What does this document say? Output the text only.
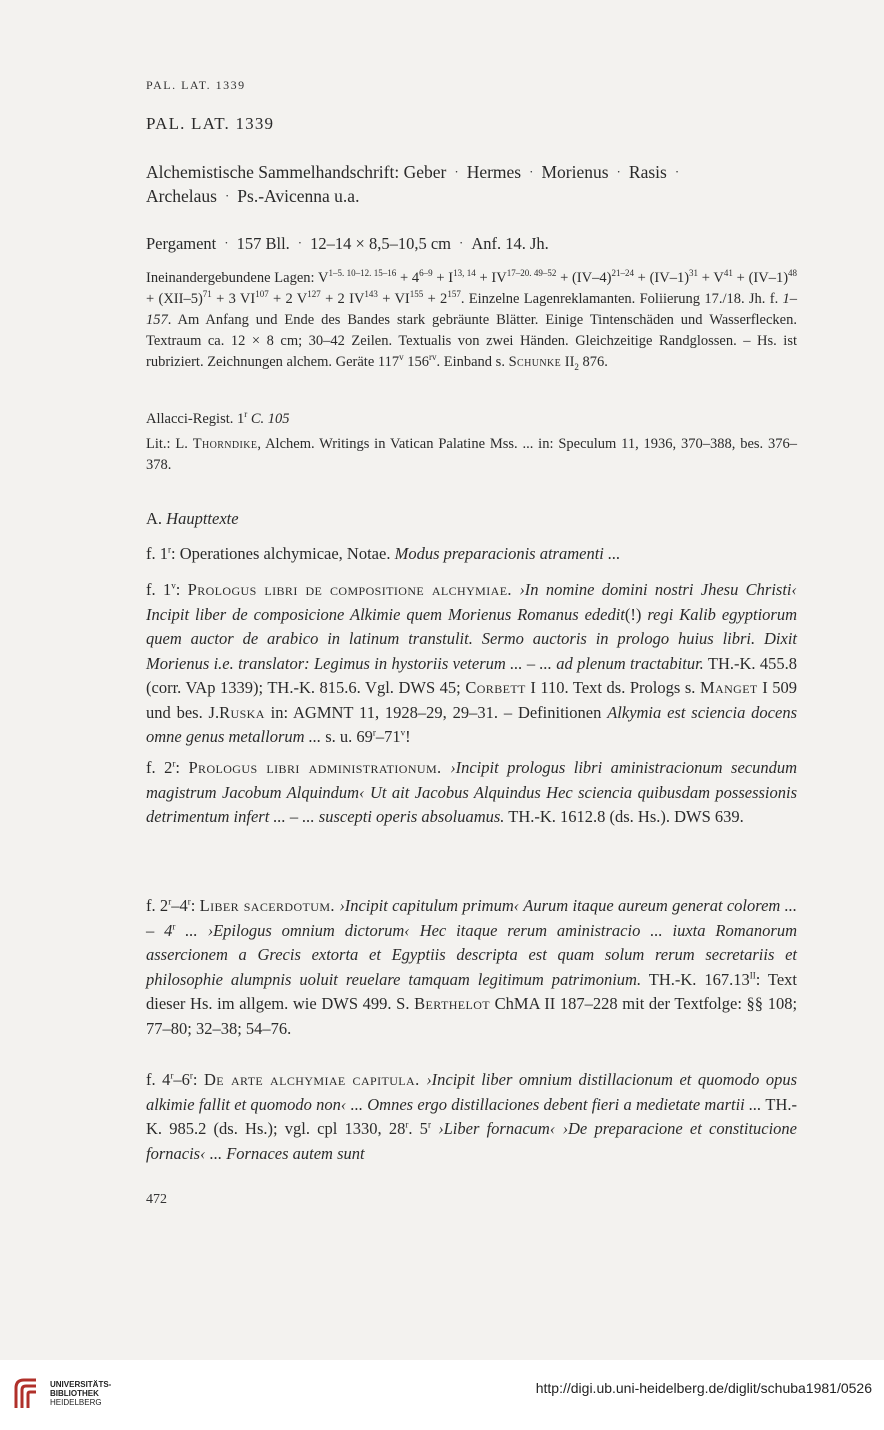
PAL. LAT. 1339
PAL. LAT. 1339
Alchemistische Sammelhandschrift: Geber · Hermes · Morienus · Rasis ·
Archelaus · Ps.-Avicenna u.a.
Pergament · 157 Bll. · 12–14 × 8,5–10,5 cm · Anf. 14. Jh.

Ineinandergebundene Lagen: $V^{1-5. 10-12. 15-16} + 4^{6-9} + I^{13, 14} + IV^{17-20. 49-52} + (IV-4)^{21-24} + (IV-1)^{31} + V^{41} + (IV-1)^{48} + (XII-5)^{71} + 3$ $VI^{107} + 2$ $V^{127} + 2$ $IV^{143} + VI^{155} + 2^{157}$. Einzelne Lagenreklamanten. Foliierung 17./18. Jh. f. 1–157. Am Anfang und Ende des Bandes stark gebräunte Blätter. Einige Tintenschäden und Wasserflecken. Textraum ca. 12 × 8 cm; 30–42 Zeilen. Textualis von zwei Händen. Gleichzeitige Randglossen. – Hs. ist rubriziert. Zeichnungen alchem. Geräte 117$^v$ $156^{rv}$. Einband s. Schunke $II_2$ 876.

Allacci-Regist. 1$^r$ C. 105
Lit.: L. Thorndike, Alchem. Writings in Vatican Palatine Mss. ... in: Speculum 11, 1936, 370–388, bes. 376–378.
A. Haupttexte
f. 1$^r$: Operationes alchymicae, Notae. Modus preparacionis atramenti ...
f. 1$^v$: Prologus libri de compositione alchymiae. ›In nomine domini nostri Jhesu Christi‹ Incipit liber de composicione Alkimie quem Morienus Romanus ededit(!) regi Kalib egyptiorum quem auctor de arabico in latinum transtulit. Sermo auctoris in prologo huius libri. Dixit Morienus i.e. translator: Legimus in hystoriis veterum ... – ... ad plenum tractabitur. TH.-K. 455.8 (corr. VAp 1339); TH.-K. 815.6. Vgl. DWS 45; Corbett I 110. Text ds. Prologs s. Manget I 509 und bes. J.Ruska in: AGMNT 11, 1928–29, 29–31. – Definitionen Alkymia est sciencia docens omne genus metallorum ... s. u. 69$^r$–71$^v$!
f. 2$^r$: Prologus libri administrationum. ›Incipit prologus libri aministracionum secundum magistrum Jacobum Alquindum‹ Ut ait Jacobus Alquindus Hec sciencia quibusdam possessionis detrimentum infert ... – ... suscepti operis absoluamus. TH.-K. 1612.8 (ds. Hs.). DWS 639.
f. 2$^r$–4$^r$: Liber sacerdotum. ›Incipit capitulum primum‹ Aurum itaque aureum generat colorem ... – 4$^r$ ... ›Epilogus omnium dictorum‹ Hec itaque rerum aministracio ... iuxta Romanorum assercionem a Grecis extorta et Egyptiis descripta est quam solum rerum secretariis et philosophie alumpnis uoluit reuelare tamquam legitimum patrimonium. TH.-K. $167.13^{II}$: Text dieser Hs. im allgem. wie DWS 499. S. Berthelot ChMA II 187–228 mit der Textfolge: §§ 108; 77–80; 32–38; 54–76.
f. 4$^r$–6$^r$: De arte alchymiae capitula. ›Incipit liber omnium distillacionum et quomodo opus alkimie fallit et quomodo non‹ ... Omnes ergo distillaciones debent fieri a medietate martii ... TH.-K. 985.2 (ds. Hs.); vgl. cpl 1330, 28$^r$. 5$^r$ ›Liber fornacum‹ ›De preparacione et constitucione fornacis‹ ... Fornaces autem sunt
472
UNIVERSITÄTS-
BIBLIOTHEK
HEIDELBERG
http://digi.ub.uni-heidelberg.de/diglit/schuba1981/0526
